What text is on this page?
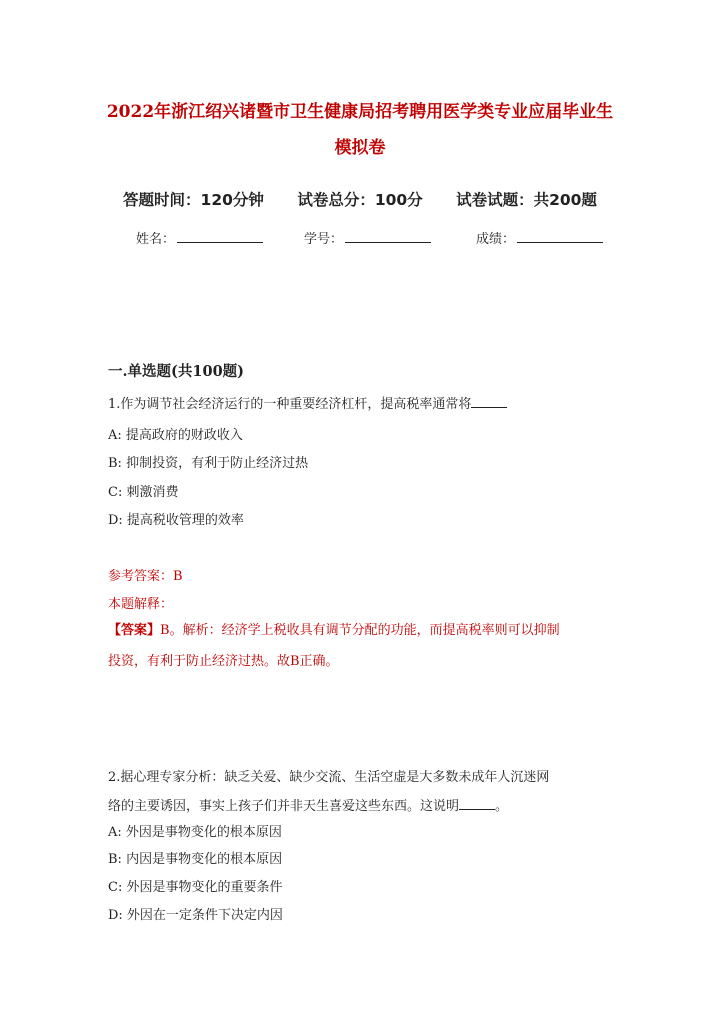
2022年浙江绍兴诸暨市卫生健康局招考聘用医学类专业应届毕业生
模拟卷
答题时间：120分钟 试卷总分：100分 试卷试题：共200题
姓名：	学号：	成绩：
一.单选题(共100题)
1.作为调节社会经济运行的一种重要经济杠杆，提高税率通常将
A: 提高政府的财政收入
B: 抑制投资，有利于防止经济过热
C: 刺激消费
D: 提高税收管理的效率
参考答案：B
本题解释：
【答案】B。解析：经济学上税收具有调节分配的功能，而提高税率则可以抑制
投资，有利于防止经济过热。故B正确。
2.据心理专家分析：缺乏关爱、缺少交流、生活空虚是大多数未成年人沉迷网
络的主要诱因，事实上孩子们并非天生喜爱这些东西。这说明	。
A: 外因是事物变化的根本原因
B: 内因是事物变化的根本原因
C: 外因是事物变化的重要条件
D: 外因在一定条件下决定内因
